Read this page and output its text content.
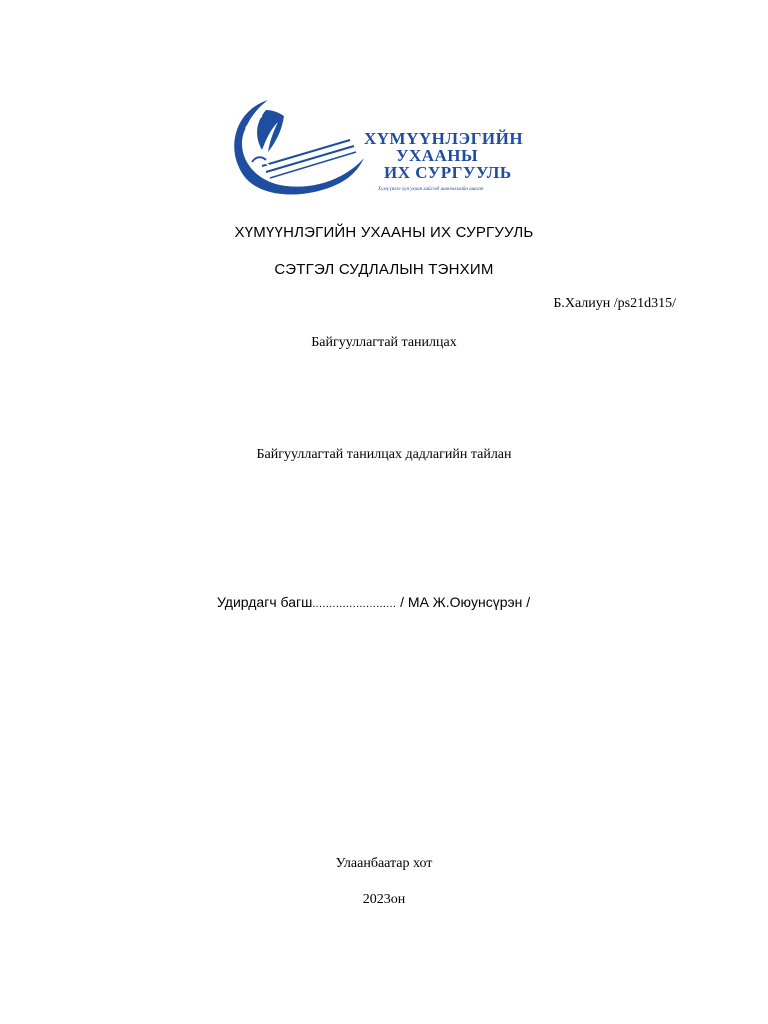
ХҮМҮҮНЛЭГИЙН
УХААНЫ
ИХ СУРГУУЛЬ
Хүмүүнлэг хүн ухаан хийгээд шинэчлэлийн ашигт
ХҮМҮҮНЛЭГИЙН УХААНЫ ИХ СУРГУУЛЬ
СЭТГЭЛ СУДЛАЛЫН ТЭНХИМ
Б.Халиун /ps21d315/
Байгууллагтай танилцах
Байгууллагтай танилцах дадлагийн тайлан
Удирдагч багш......................... / МА Ж.Оюунсүрэн /
Улаанбаатар хот
2023он
